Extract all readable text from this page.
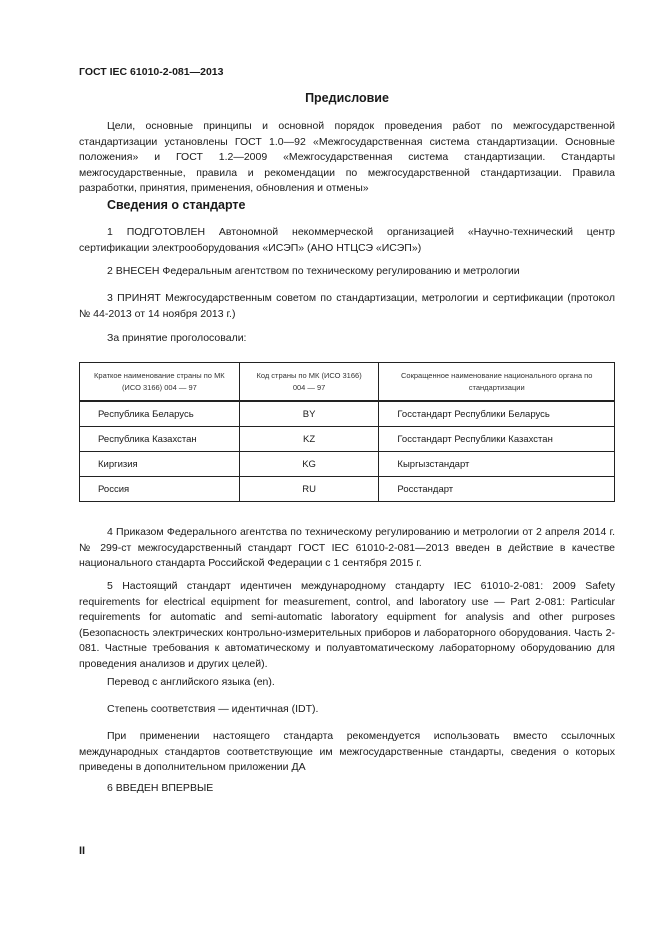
ГОСТ IEC 61010-2-081—2013
Предисловие

Цели, основные принципы и основной порядок проведения работ по межгосударственной стандартизации установлены ГОСТ 1.0—92 «Межгосударственная система стандартизации. Основные положения» и ГОСТ 1.2—2009 «Межгосударственная система стандартизации. Стандарты межгосударственные, правила и рекомендации по межгосударственной стандартизации. Правила разработки, принятия, применения, обновления и отмены»

Сведения о стандарте

1 ПОДГОТОВЛЕН Автономной некоммерческой организацией «Научно-технический центр сертификации электрооборудования «ИСЭП» (АНО НТЦСЭ «ИСЭП»)

2 ВНЕСЕН Федеральным агентством по техническому регулированию и метрологии

3 ПРИНЯТ Межгосударственным советом по стандартизации, метрологии и сертификации (протокол № 44-2013 от 14 ноября 2013 г.)

За принятие проголосовали:

Краткое наименование страны по МК (ИСО 3166) 004 — 97	Код страны по МК (ИСО 3166) 004 — 97	Сокращенное наименование национального органа по стандартизации
Республика Беларусь	BY	Госстандарт Республики Беларусь
Республика Казахстан	KZ	Госстандарт Республики Казахстан
Киргизия	KG	Кыргызстандарт
Россия	RU	Росстандарт

4 Приказом Федерального агентства по техническому регулированию и метрологии от 2 апреля 2014 г. № 299-ст межгосударственный стандарт ГОСТ IEC 61010-2-081—2013 введен в действие в качестве национального стандарта Российской Федерации с 1 сентября 2015 г.

5 Настоящий стандарт идентичен международному стандарту IEC 61010-2-081: 2009 Safety requirements for electrical equipment for measurement, control, and laboratory use — Part 2-081: Particular requirements for automatic and semi-automatic laboratory equipment for analysis and other purposes (Безопасность электрических контрольно-измерительных приборов и лабораторного оборудования. Часть 2-081. Частные требования к автоматическому и полуавтоматическому лабораторному оборудованию для проведения анализов и других целей).

Перевод с английского языка (en).

Степень соответствия — идентичная (IDT).

При применении настоящего стандарта рекомендуется использовать вместо ссылочных международных стандартов соответствующие им межгосударственные стандарты, сведения о которых приведены в дополнительном приложении ДА

6 ВВЕДЕН ВПЕРВЫЕ

II
